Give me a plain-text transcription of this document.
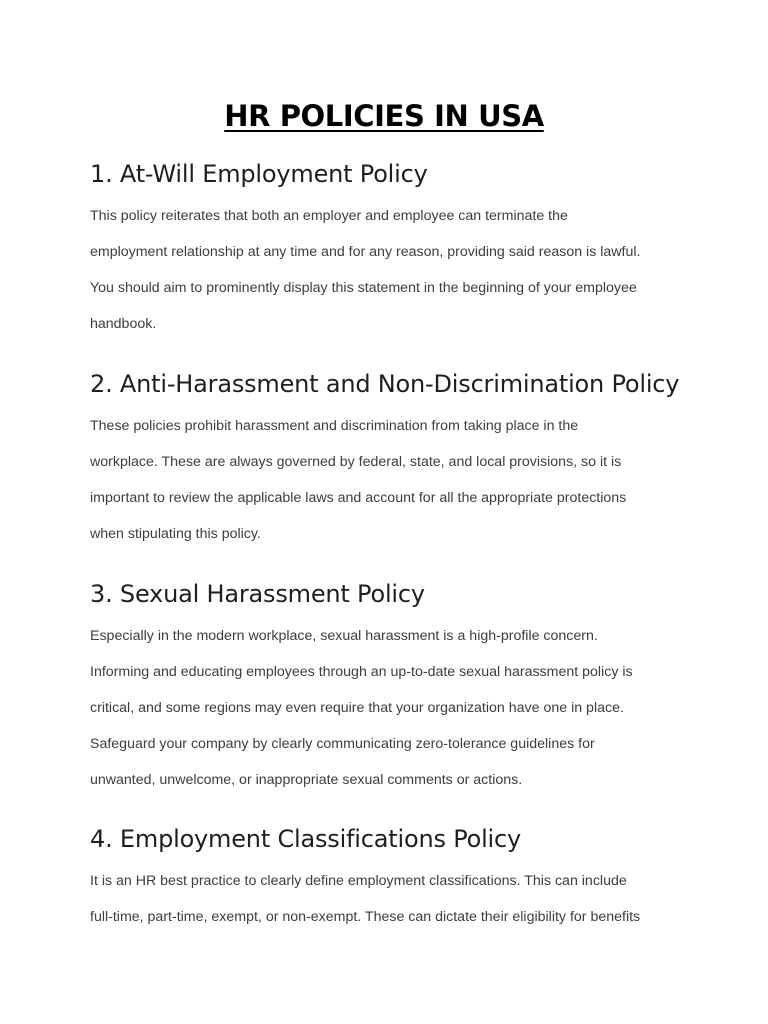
HR POLICIES IN USA
1. At-Will Employment Policy

This policy reiterates that both an employer and employee can terminate the
employment relationship at any time and for any reason, providing said reason is lawful.
You should aim to prominently display this statement in the beginning of your employee
handbook.

2. Anti-Harassment and Non-Discrimination Policy

These policies prohibit harassment and discrimination from taking place in the
workplace. These are always governed by federal, state, and local provisions, so it is
important to review the applicable laws and account for all the appropriate protections
when stipulating this policy.

3. Sexual Harassment Policy

Especially in the modern workplace, sexual harassment is a high-profile concern.
Informing and educating employees through an up-to-date sexual harassment policy is
critical, and some regions may even require that your organization have one in place.
Safeguard your company by clearly communicating zero-tolerance guidelines for
unwanted, unwelcome, or inappropriate sexual comments or actions.

4. Employment Classifications Policy

It is an HR best practice to clearly define employment classifications. This can include
full-time, part-time, exempt, or non-exempt. These can dictate their eligibility for benefits
